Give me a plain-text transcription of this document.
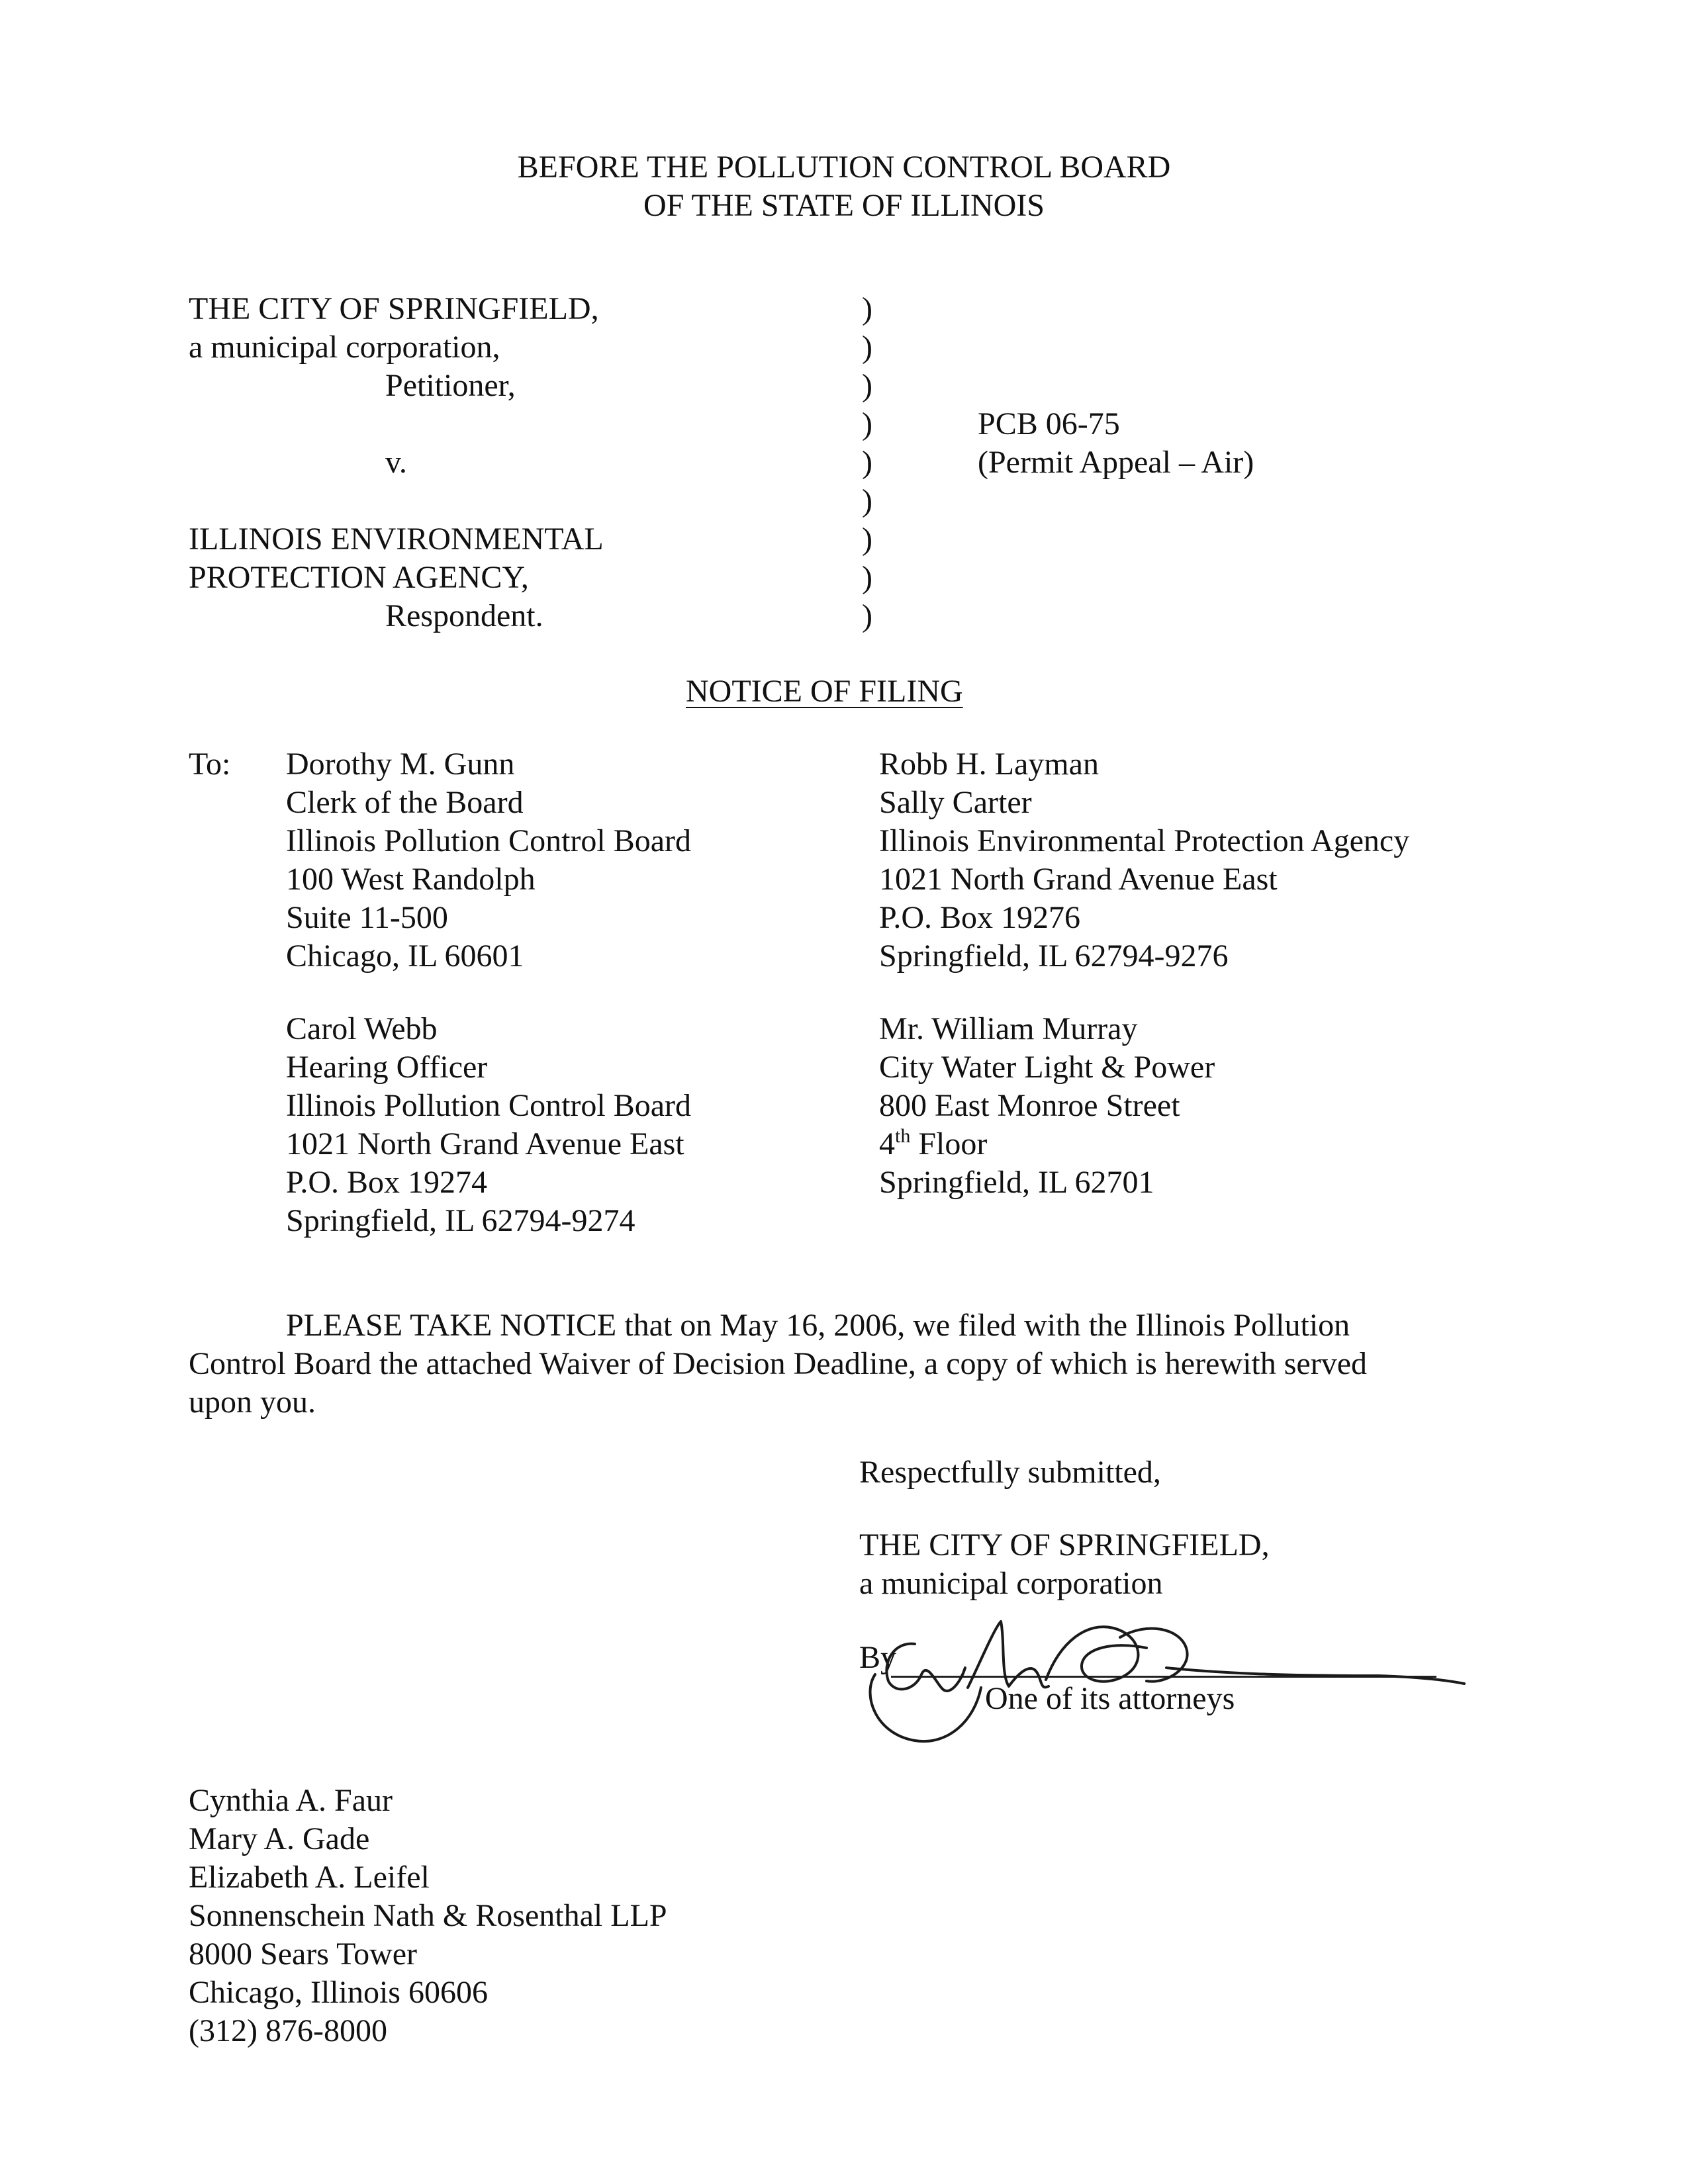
BEFORE THE POLLUTION CONTROL BOARD
OF THE STATE OF ILLINOIS
THE CITY OF SPRINGFIELD,
a municipal corporation,
Petitioner,
v.
ILLINOIS ENVIRONMENTAL
PROTECTION AGENCY,
Respondent.
)
)
)
)
)
)
)
)
)
PCB 06-75
(Permit Appeal – Air)
NOTICE OF FILING
To: Dorothy M. Gunn
Clerk of the Board
Illinois Pollution Control Board
100 West Randolph
Suite 11-500
Chicago, IL 60601
Robb H. Layman
Sally Carter
Illinois Environmental Protection Agency
1021 North Grand Avenue East
P.O. Box 19276
Springfield, IL 62794-9276
Carol Webb
Hearing Officer
Illinois Pollution Control Board
1021 North Grand Avenue East
P.O. Box 19274
Springfield, IL 62794-9274
Mr. William Murray
City Water Light & Power
800 East Monroe Street
4th Floor
Springfield, IL 62701
PLEASE TAKE NOTICE that on May 16, 2006, we filed with the Illinois Pollution
Control Board the attached Waiver of Decision Deadline, a copy of which is herewith served
upon you.
Respectfully submitted,
THE CITY OF SPRINGFIELD,
a municipal corporation
By
One of its attorneys
Cynthia A. Faur
Mary A. Gade
Elizabeth A. Leifel
Sonnenschein Nath & Rosenthal LLP
8000 Sears Tower
Chicago, Illinois 60606
(312) 876-8000
